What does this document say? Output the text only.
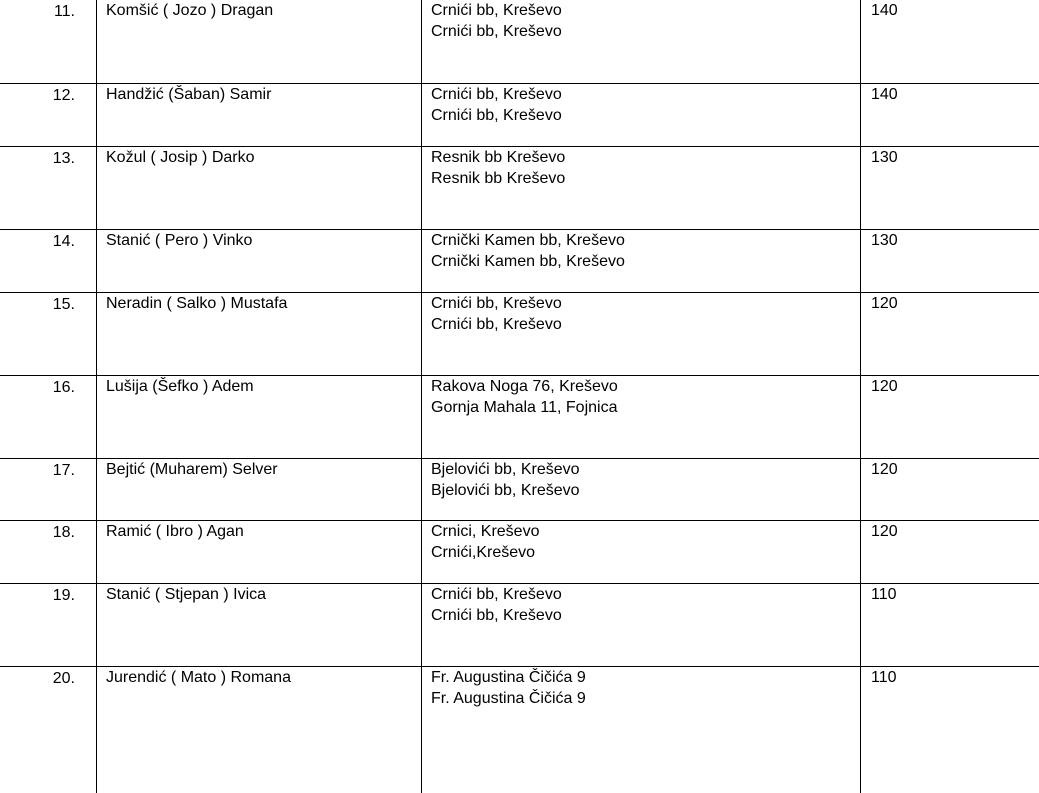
11.	Komšić ( Jozo ) Dragan	Crnići bb, Kreševo
Crnići bb, Kreševo	140

12.	Handžić (Šaban) Samir	Crnići bb, Kreševo
Crnići bb, Kreševo	140

13.	Kožul ( Josip ) Darko	Resnik bb Kreševo
Resnik bb Kreševo	130

14.	Stanić ( Pero ) Vinko	Crnički Kamen bb, Kreševo
Crnički Kamen bb, Kreševo	130

15.	Neradin ( Salko ) Mustafa	Crnići bb, Kreševo
Crnići bb, Kreševo	120

16.	Lušija (Šefko ) Adem	Rakova Noga 76, Kreševo
Gornja Mahala 11, Fojnica	120

17.	Bejtić (Muharem) Selver	Bjelovići bb, Kreševo
Bjelovići bb, Kreševo	120

18.	Ramić ( Ibro ) Agan	Crnici, Kreševo
Crnići,Kreševo	120

19.	Stanić ( Stjepan ) Ivica	Crnići bb, Kreševo
Crnići bb, Kreševo	110

20.	Jurendić ( Mato ) Romana	Fr. Augustina Čičića 9
Fr. Augustina Čičića 9	110
